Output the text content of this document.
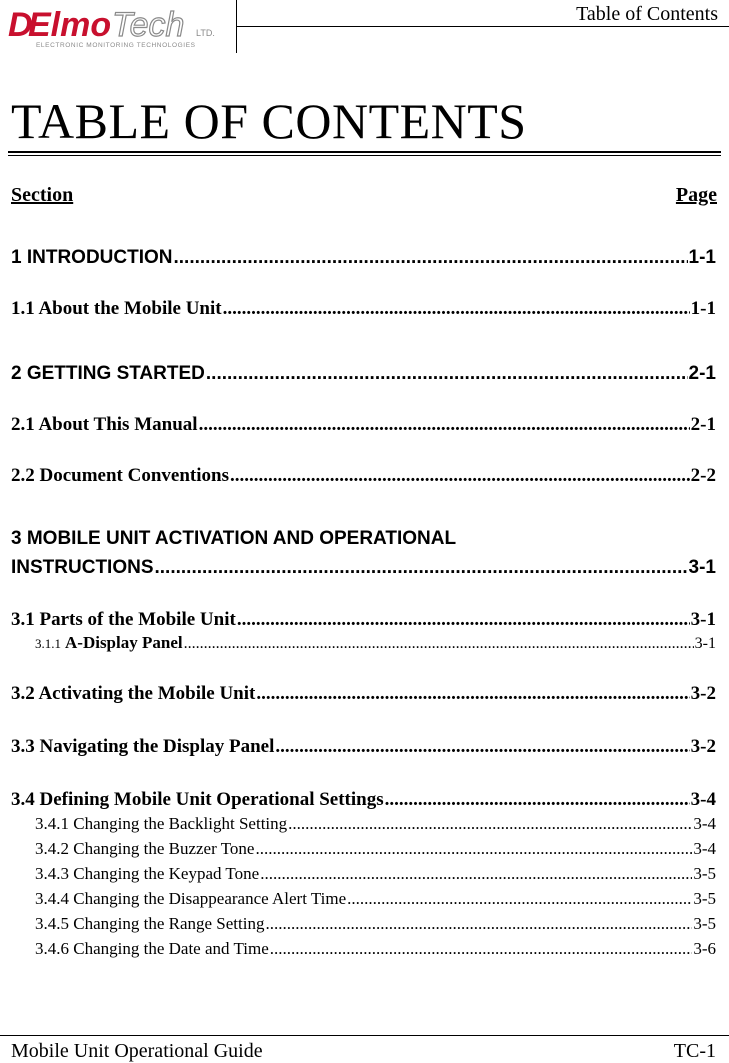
D
Elmo Tech LTD.
ELECTRONIC MONITORING TECHNOLOGIES
Table of Contents
TABLE OF CONTENTS
Section	Page
1 INTRODUCTION .....	1-1
1.1 About the Mobile Unit .....	1-1
2 GETTING STARTED .....	2-1
2.1 About This Manual .....	2-1
2.2 Document Conventions .....	2-2
3 MOBILE UNIT ACTIVATION AND OPERATIONAL
INSTRUCTIONS .....	3-1
3.1 Parts of the Mobile Unit .....	3-1
3.1.1 A-Display Panel .....	3-1
3.2 Activating the Mobile Unit .....	3-2
3.3 Navigating the Display Panel .....	3-2
3.4 Defining Mobile Unit Operational Settings .....	3-4
3.4.1 Changing the Backlight Setting .....	3-4
3.4.2 Changing the Buzzer Tone .....	3-4
3.4.3 Changing the Keypad Tone .....	3-5
3.4.4 Changing the Disappearance Alert Time .....	3-5
3.4.5 Changing the Range Setting .....	3-5
3.4.6 Changing the Date and Time .....	3-6
Mobile Unit Operational Guide	TC-1
